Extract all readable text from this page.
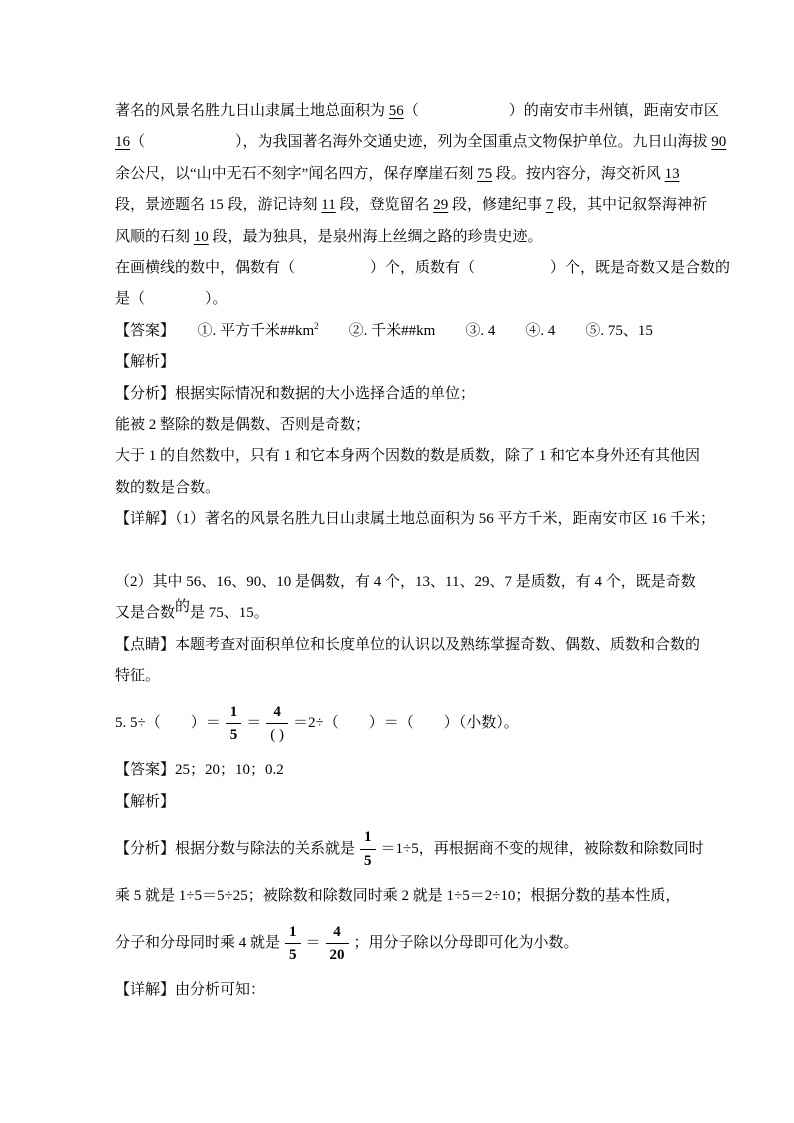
著名的风景名胜九日山隶属土地总面积为 56（　　　　　　）的南安市丰州镇，距南安市区
16（　　　　　　），为我国著名海外交通史迹，列为全国重点文物保护单位。九日山海拔 90
余公尺，以“山中无石不刻字”闻名四方，保存摩崖石刻 75 段。按内容分，海交祈风 13
段，景迹题名 15 段，游记诗刻 11 段，登览留名 29 段，修建纪事 7 段，其中记叙祭海神祈
风顺的石刻 10 段，最为独具，是泉州海上丝绸之路的珍贵史迹。
在画横线的数中，偶数有（　　　　　）个，质数有（　　　　　）个，既是奇数又是合数的
是（　　　　）。
【答案】　　①. 平方千米$\#\#km^2$　　②. 千米##km　　③. 4　　④. 4　　⑤. 75、15
【解析】
【分析】根据实际情况和数据的大小选择合适的单位；
能被 2 整除的数是偶数、否则是奇数；
大于 1 的自然数中，只有 1 和它本身两个因数的数是质数，除了 1 和它本身外还有其他因
数的数是合数。
【详解】（1）著名的风景名胜九日山隶属土地总面积为 56 平方千米，距南安市区 16 千米；

（2）其中 56、16、90、10 是偶数，有 4 个，13、11、29、7 是质数，有 4 个，既是奇数
又是合数的是 75、15。
【点睛】本题考查对面积单位和长度单位的认识以及熟练掌握奇数、偶数、质数和合数的
特征。
5. 5÷（　　）＝ $\frac{1}{5} = \frac{4}{( )} =2\div$（　　）＝（　　）（小数）。
【答案】25；20；10；0.2
【解析】
【分析】根据分数与除法的关系就是 $\frac{1}{5} =1\div 5$，再根据商不变的规律，被除数和除数同时
乘 5 就是 1÷5＝5÷25；被除数和除数同时乘 2 就是 1÷5＝2÷10；根据分数的基本性质，
分子和分母同时乘 4 就是 $\frac{1}{5} = \frac{4}{20}$ ；用分子除以分母即可化为小数。
【详解】由分析可知：
